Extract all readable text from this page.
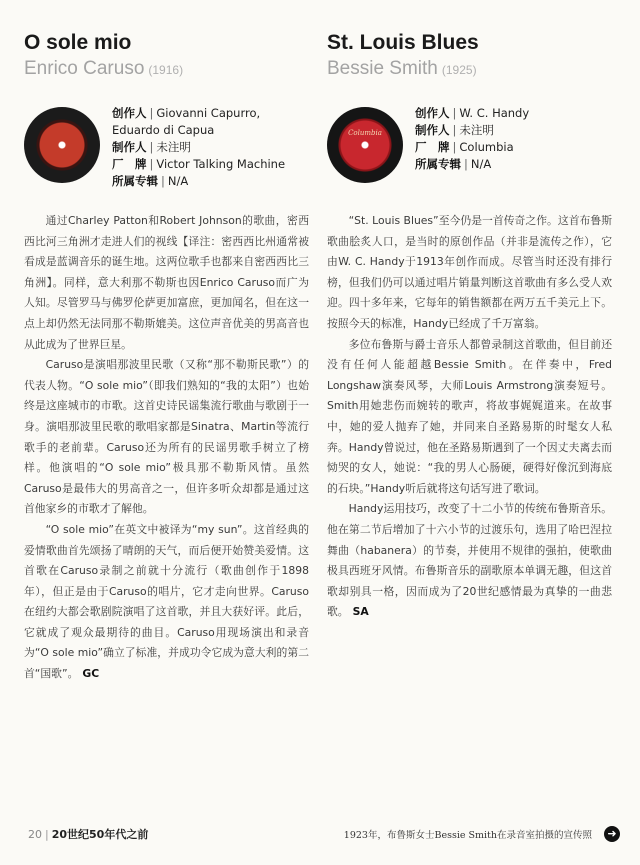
O sole mio
Enrico Caruso (1916)
创作人 | Giovanni Capurro,
Eduardo di Capua
制作人 | 未注明
厂　牌 | Victor Talking Machine
所属专辑 | N/A

通过Charley Patton和Robert Johnson的歌曲，密西西比河三角洲才走进人们的视线【译注：密西西比州通常被看成是蓝调音乐的诞生地。这两位歌手也都来自密西西比三角洲】。同样，意大利那不勒斯也因Enrico Caruso而广为人知。尽管罗马与佛罗伦萨更加富庶，更加闻名，但在这一点上却仍然无法同那不勒斯媲美。这位声音优美的男高音也从此成为了世界巨星。

Caruso是演唱那波里民歌（又称“那不勒斯民歌”）的代表人物。“O sole mio”（即我们熟知的“我的太阳”）也始终是这座城市的市歌。这首史诗民谣集流行歌曲与歌剧于一身。演唱那波里民歌的歌唱家都是Sinatra、Martin等流行歌手的老前辈。Caruso还为所有的民谣男歌手树立了榜样。他演唱的“O sole mio”极具那不勒斯风情。虽然Caruso是最伟大的男高音之一，但许多听众却都是通过这首他家乡的市歌才了解他。

“O sole mio”在英文中被译为“my sun”。这首经典的爱情歌曲首先颂扬了晴朗的天气，而后便开始赞美爱情。这首歌在Caruso录制之前就十分流行（歌曲创作于1898年），但正是由于Caruso的唱片，它才走向世界。Caruso在纽约大都会歌剧院演唱了这首歌，并且大获好评。此后，它就成了观众最期待的曲目。Caruso用现场演出和录音为“O sole mio”确立了标准，并成功令它成为意大利的第二首“国歌”。 GC

St. Louis Blues
Bessie Smith (1925)
Columbia
创作人 | W. C. Handy
制作人 | 未注明
厂　牌 | Columbia
所属专辑 | N/A

“St. Louis Blues”至今仍是一首传奇之作。这首布鲁斯歌曲脍炙人口，是当时的原创作品（并非是流传之作），它由W. C. Handy于1913年创作而成。尽管当时还没有排行榜，但我们仍可以通过唱片销量判断这首歌曲有多么受人欢迎。四十多年来，它每年的销售额都在两万五千美元上下。按照今天的标准，Handy已经成了千万富翁。

多位布鲁斯与爵士音乐人都曾录制这首歌曲，但目前还没有任何人能超越Bessie Smith。在伴奏中，Fred Longshaw演奏风琴，大师Louis Armstrong演奏短号。Smith用她悲伤而婉转的歌声，将故事娓娓道来。在故事中，她的爱人抛弃了她，并同来自圣路易斯的时髦女人私奔。Handy曾说过，他在圣路易斯遇到了一个因丈夫离去而恸哭的女人，她说：“我的男人心肠硬，硬得好像沉到海底的石块。”Handy听后就将这句话写进了歌词。

Handy运用技巧，改变了十二小节的传统布鲁斯音乐。他在第二节后增加了十六小节的过渡乐句，选用了哈巴涅拉舞曲（habanera）的节奏，并使用不规律的强拍，使歌曲极具西班牙风情。布鲁斯音乐的副歌原本单调无趣，但这首歌却别具一格，因而成为了20世纪感情最为真挚的一曲悲歌。 SA

20 | 20世纪50年代之前	1923年，布鲁斯女士Bessie Smith在录音室拍摄的宣传照	➜
